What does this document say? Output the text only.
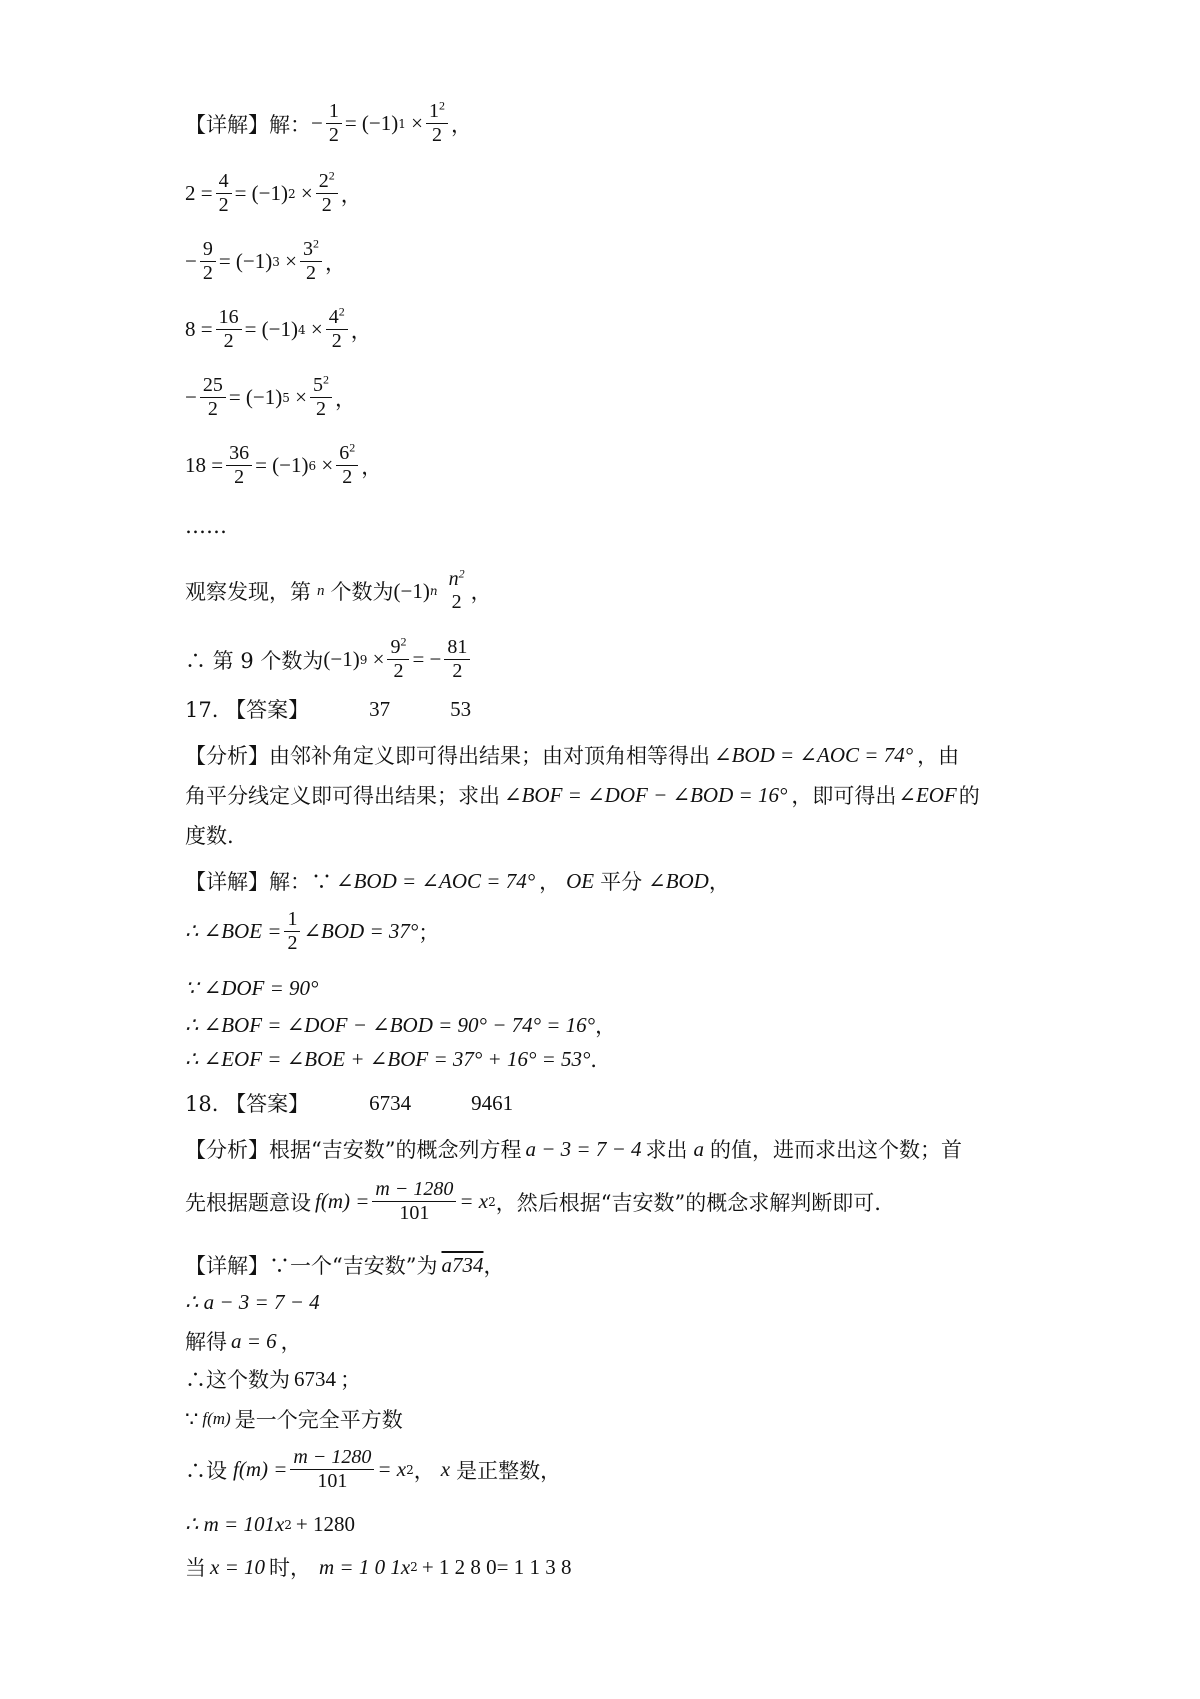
【详解】解： − $\frac{1}{2} = (-1) 1 \times \frac{1^2}{2}$ ，
$2 = \frac{4}{2} = (-1) 2 \times \frac{2^2}{2}$ ，
− $\frac{9}{2} = (-1) 3 \times \frac{3^2}{2}$ ，
$8 = \frac{16}{2} = (-1) 4 \times \frac{4^2}{2}$ ，
− $\frac{25}{2} = (-1) 5 \times \frac{5^2}{2}$ ，
$18 = \frac{36}{2} = (-1) 6 \times \frac{6^2}{2}$ ，
……
观察发现，第 n 个数为 (−1) n
$n^2$
2 ，
∴ 第 9 个数为 (−1) $9 \times \frac{9^2}{2}$ = − $\frac{81}{2}$
17. 【答案】	37	53
【分析】由邻补角定义即可得出结果；由对顶角相等得出 ∠BOD = ∠AOC = 74° ，由
角平分线定义即可得出结果；求出 ∠BOF = ∠DOF − ∠BOD = 16° ，即可得出 ∠EOF 的
度数.
【详解】解：∵ ∠BOD = ∠AOC = 74° ， OE 平分 ∠BOD ，
∴ ∠BOE = $\frac{1}{2}$ ∠BOD = 37° ；
∵ ∠DOF = 90°
∴ ∠BOF = ∠DOF − ∠BOD = 90° − 74° = 16° ，
∴ ∠EOF = ∠BOE + ∠BOF = 37° + 16° = 53° ．
18. 【答案】	6734	9461
【分析】根据“吉安数”的概念列方程 a − 3 = 7 − 4 求出 a 的值，进而求出这个数；首
先根据题意设 $f(m) = \frac{m - 1280}{101} = x$ 2 ，然后根据“吉安数”的概念求解判断即可.
【详解】∵一个“吉安数”为 a734 ，
∴ a − 3 = 7 − 4
解得 a = 6 ，
∴这个数为 6734 ；
∵ f(m) 是一个完全平方数
∴设 $f(m) = \frac{m - 1280}{101} = x$ 2 ， x 是正整数，
∴ m = 101x 2 + 1280
当 x = 10 时， m = 1 0 1x 2 + 1 2 8 0= 1 1 3 8
